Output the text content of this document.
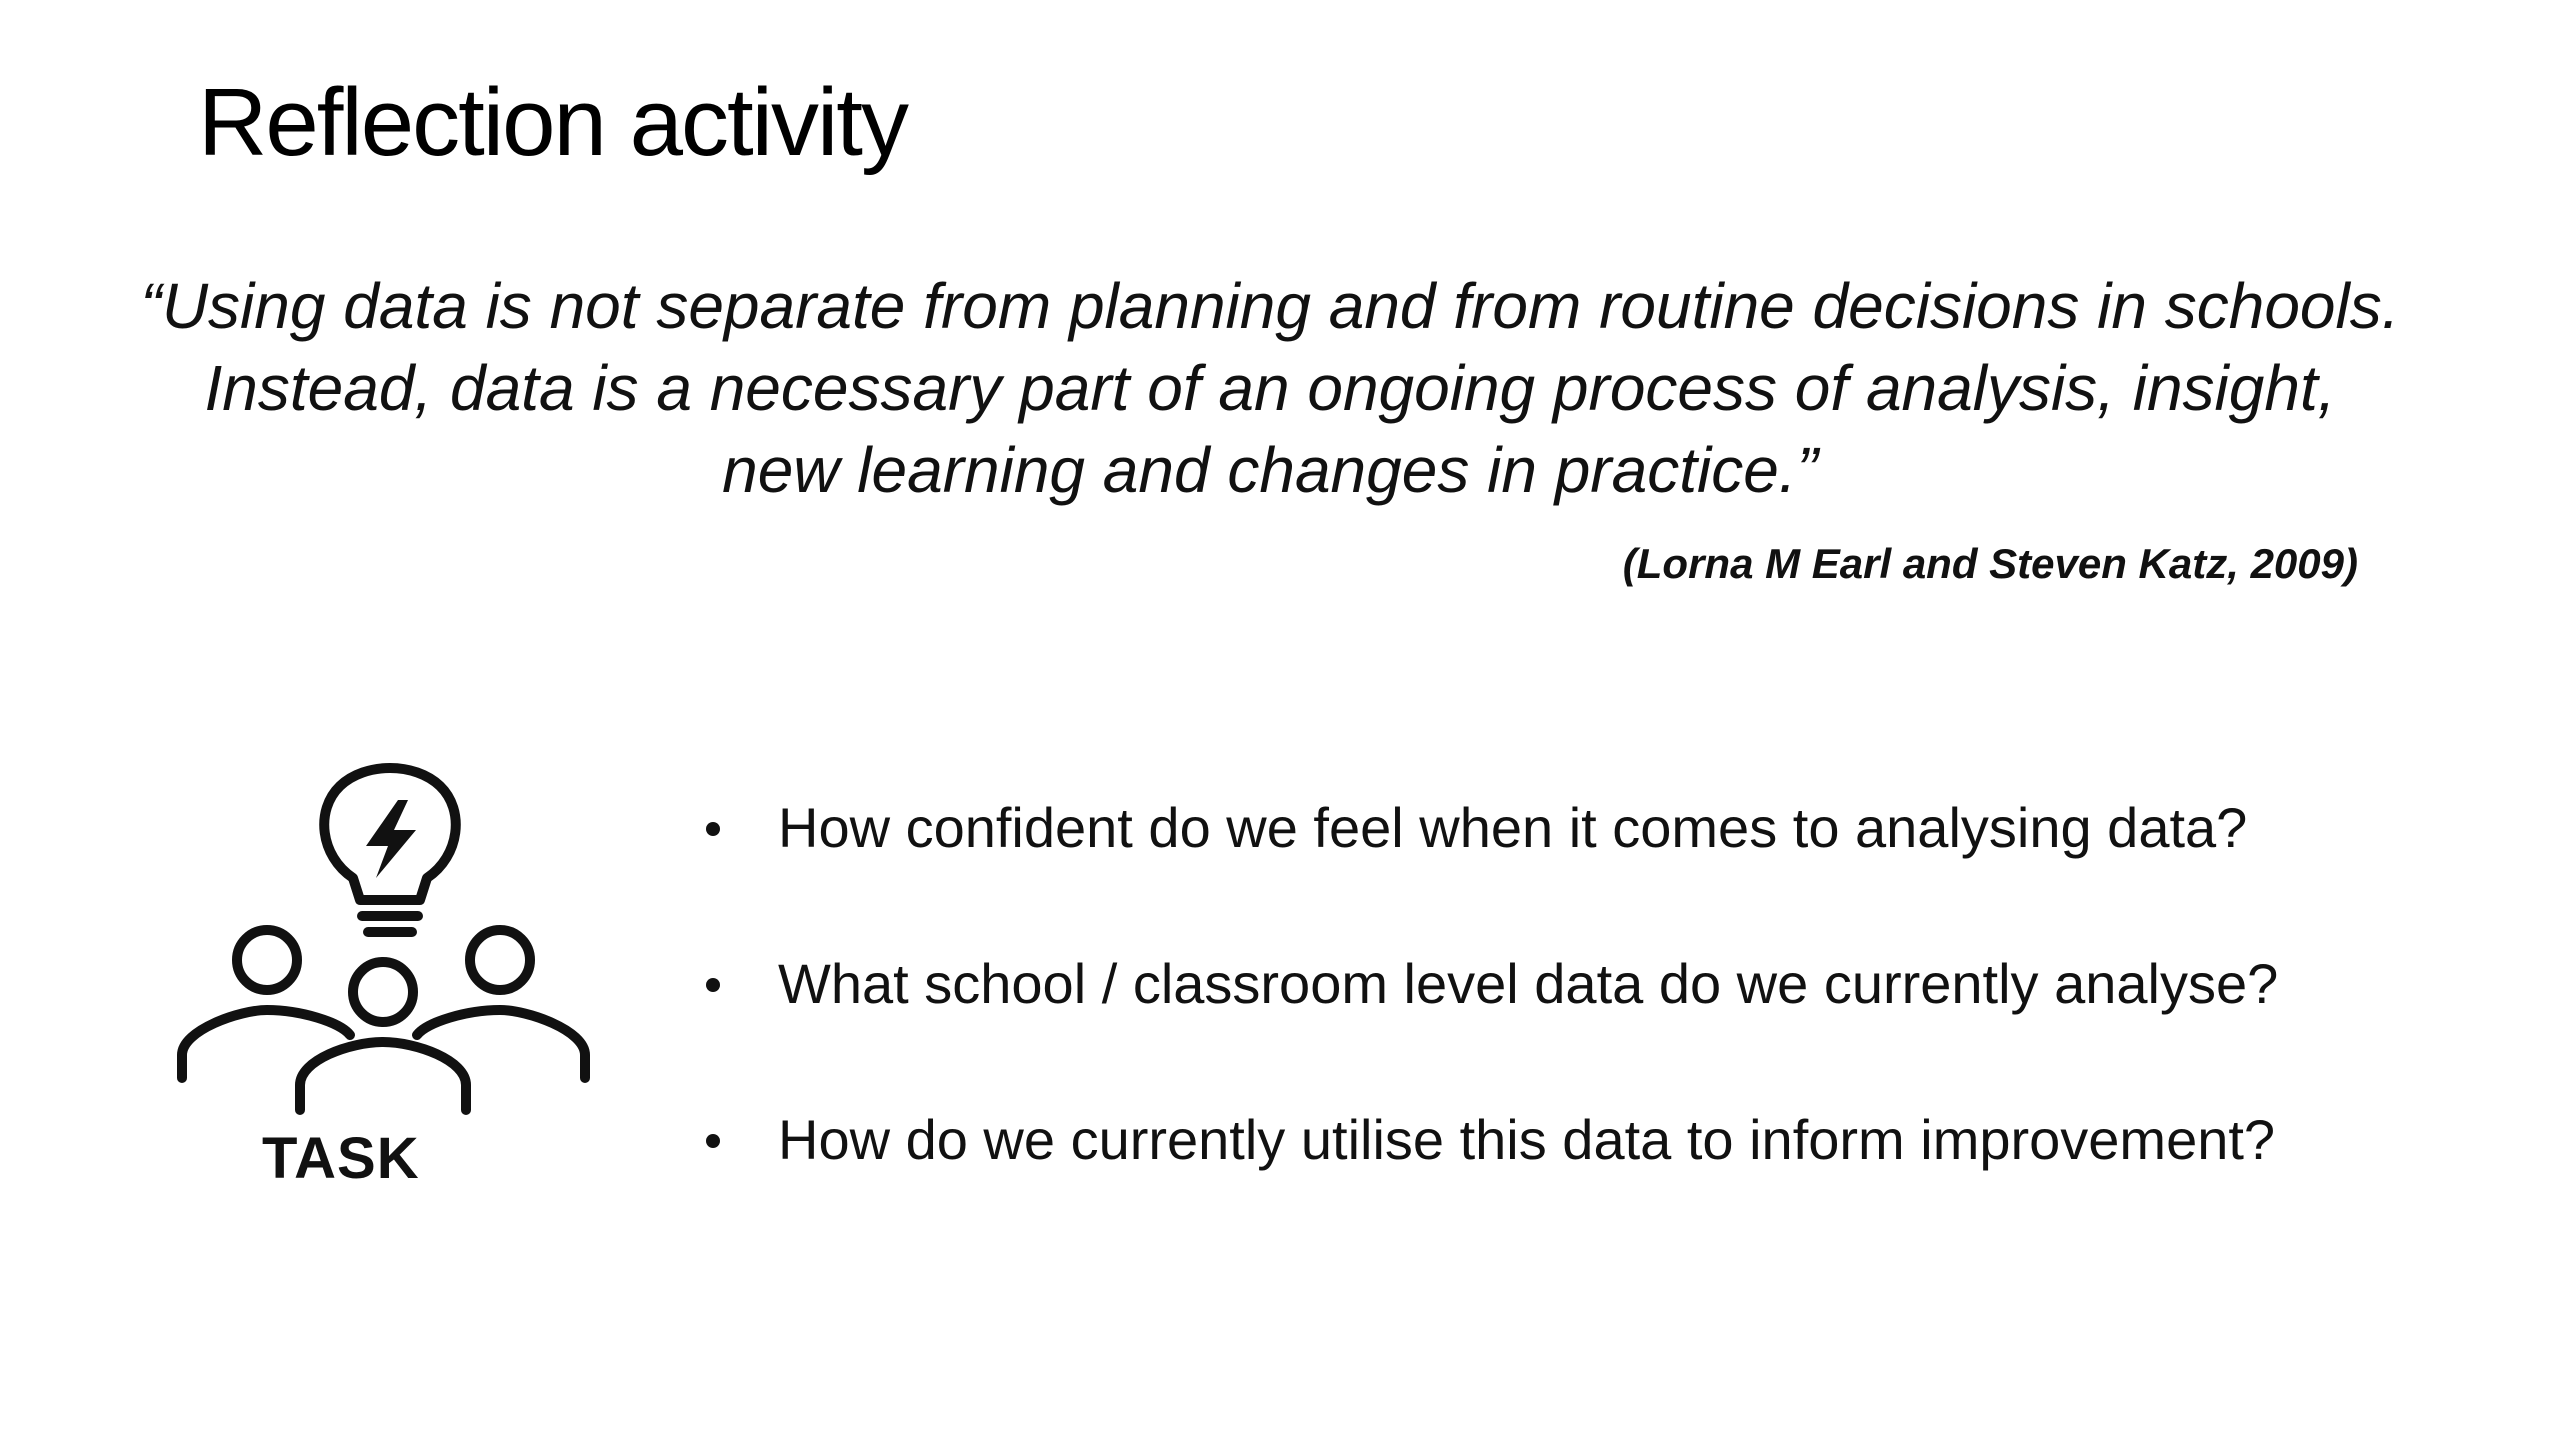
Reflection activity

“Using data is not separate from planning and from routine decisions in schools. Instead, data is a necessary part of an ongoing process of analysis, insight, new learning and changes in practice.”

(Lorna M Earl and Steven Katz, 2009)
TASK
How confident do we feel when it comes to analysing data?
What school / classroom level data do we currently analyse?
How do we currently utilise this data to inform improvement?
